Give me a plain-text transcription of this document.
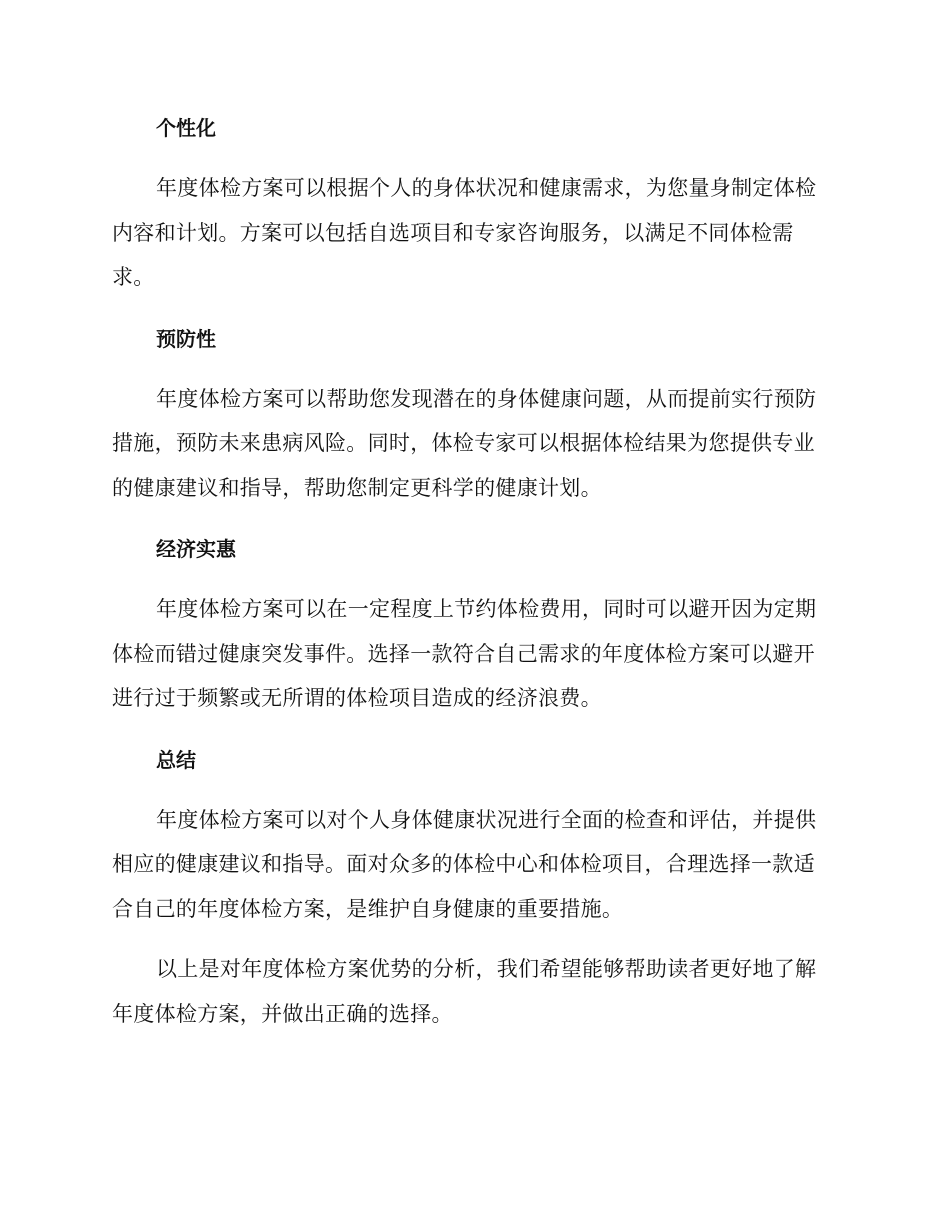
个性化

年度体检方案可以根据个人的身体状况和健康需求，为您量身制定体检内容和计划。方案可以包括自选项目和专家咨询服务，以满足不同体检需求。

预防性

年度体检方案可以帮助您发现潜在的身体健康问题，从而提前实行预防措施，预防未来患病风险。同时，体检专家可以根据体检结果为您提供专业的健康建议和指导，帮助您制定更科学的健康计划。

经济实惠

年度体检方案可以在一定程度上节约体检费用，同时可以避开因为定期体检而错过健康突发事件。选择一款符合自己需求的年度体检方案可以避开进行过于频繁或无所谓的体检项目造成的经济浪费。

总结

年度体检方案可以对个人身体健康状况进行全面的检查和评估，并提供相应的健康建议和指导。面对众多的体检中心和体检项目，合理选择一款适合自己的年度体检方案，是维护自身健康的重要措施。

以上是对年度体检方案优势的分析，我们希望能够帮助读者更好地了解年度体检方案，并做出正确的选择。
